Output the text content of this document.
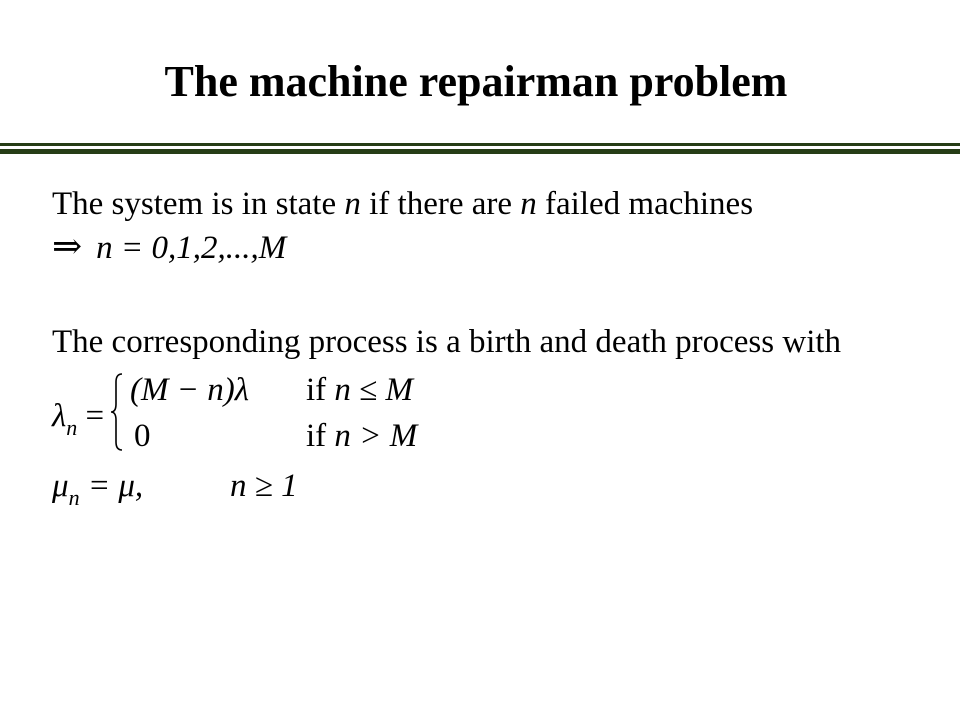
The machine repairman problem
The system is in state n if there are n failed machines
⇒ n = 0,1,2,...,M
The corresponding process is a birth and death process with
$\lambda_n$ =
(M − n)λ if n ≤ M
0	if n > M
$\mu_n = \mu$,	n ≥ 1
